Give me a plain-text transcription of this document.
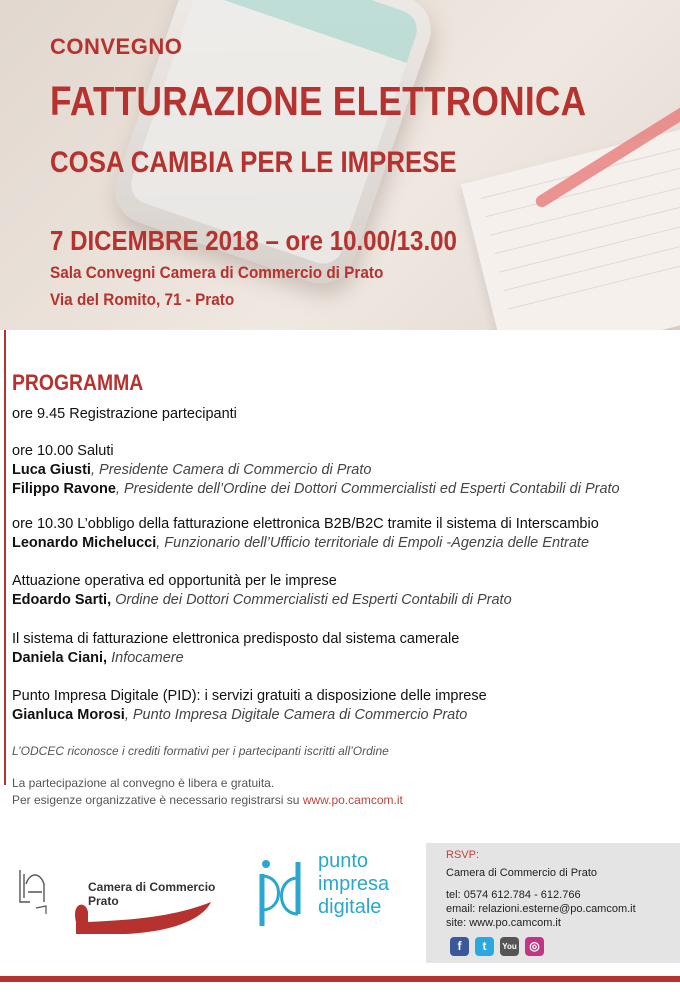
CONVEGNO

FATTURAZIONE ELETTRONICA

COSA CAMBIA PER LE IMPRESE

7 DICEMBRE 2018 – ore 10.00/13.00

Sala Convegni Camera di Commercio di Prato

Via del Romito, 71 - Prato

PROGRAMMA

ore 9.45 Registrazione partecipanti

ore 10.00 Saluti

Luca Giusti, Presidente Camera di Commercio di Prato

Filippo Ravone, Presidente dell’Ordine dei Dottori Commercialisti ed Esperti Contabili di Prato

ore 10.30 L’obbligo della fatturazione elettronica B2B/B2C tramite il sistema di Interscambio

Leonardo Michelucci, Funzionario dell’Ufficio territoriale di Empoli -Agenzia delle Entrate

Attuazione operativa ed opportunità per le imprese

Edoardo Sarti, Ordine dei Dottori Commercialisti ed Esperti Contabili di Prato

Il sistema di fatturazione elettronica predisposto dal sistema camerale

Daniela Ciani, Infocamere

Punto Impresa Digitale (PID): i servizi gratuiti a disposizione delle imprese

Gianluca Morosi, Punto Impresa Digitale Camera di Commercio Prato

L’ODCEC riconosce i crediti formativi per i partecipanti iscritti all’Ordine

La partecipazione al convegno è libera e gratuita.

Per esigenze organizzative è necessario registrarsi su www.po.camcom.it

Camera di Commercio
Prato

punto
impresa
digitale

RSVP:

Camera di Commercio di Prato

tel: 0574 612.784 - 612.766

email: relazioni.esterne@po.camcom.it

site: www.po.camcom.it

f	t	You	◎
